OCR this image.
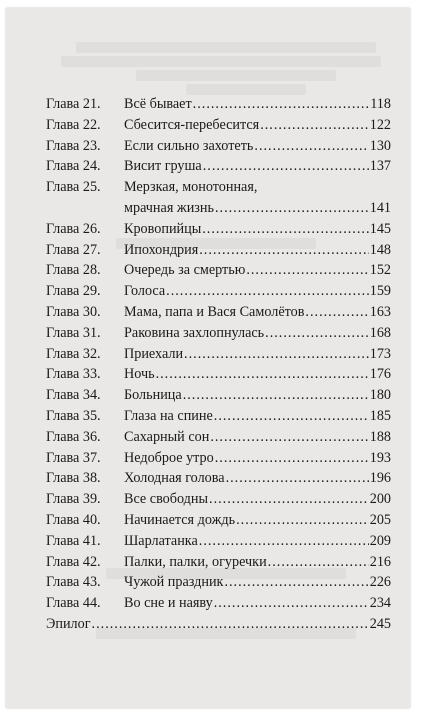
Глава 21.	Всё бывает .....	118
Глава 22.	Сбесится-перебесится .....	122
Глава 23.	Если сильно захотеть .....	130
Глава 24.	Висит груша .....	137
Глава 25.	Мерзкая, монотонная,
мрачная жизнь .....	141
Глава 26.	Кровопийцы .....	145
Глава 27.	Ипохондрия .....	148
Глава 28.	Очередь за смертью .....	152
Глава 29.	Голоса .....	159
Глава 30.	Мама, папа и Вася Самолётов .....	163
Глава 31.	Раковина захлопнулась .....	168
Глава 32.	Приехали .....	173
Глава 33.	Ночь .....	176
Глава 34.	Больница .....	180
Глава 35.	Глаза на спине .....	185
Глава 36.	Сахарный сон .....	188
Глава 37.	Недоброе утро .....	193
Глава 38.	Холодная голова .....	196
Глава 39.	Все свободны .....	200
Глава 40.	Начинается дождь .....	205
Глава 41.	Шарлатанка .....	209
Глава 42.	Палки, палки, огуречки .....	216
Глава 43.	Чужой праздник .....	226
Глава 44.	Во сне и наяву .....	234
Эпилог .....	245
